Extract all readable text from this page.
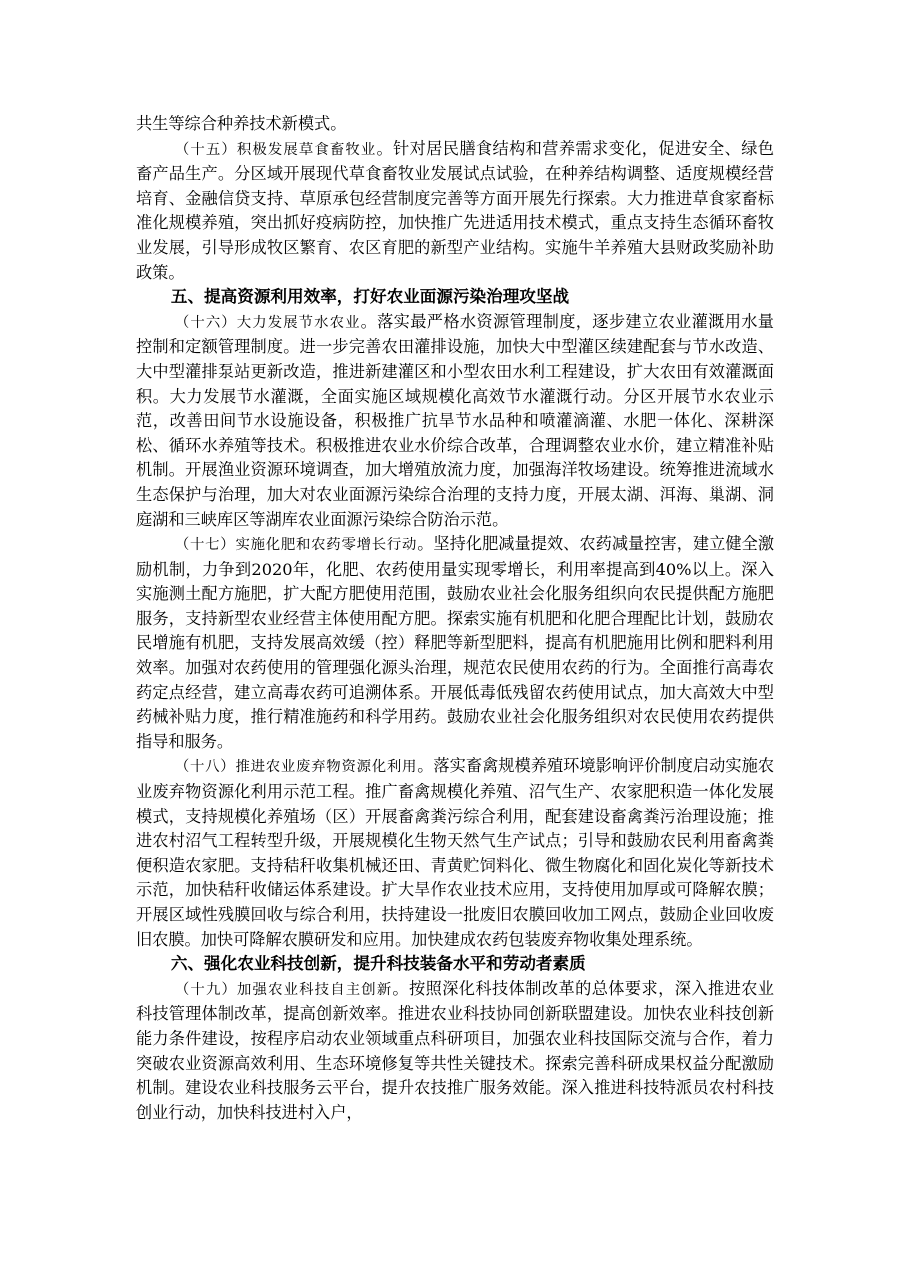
共生等综合种养技术新模式。

（十五）积极发展草食畜牧业。针对居民膳食结构和营养需求变化，促进安全、绿色畜产品生产。分区域开展现代草食畜牧业发展试点试验，在种养结构调整、适度规模经营培育、金融信贷支持、草原承包经营制度完善等方面开展先行探索。大力推进草食家畜标准化规模养殖，突出抓好疫病防控，加快推广先进适用技术模式，重点支持生态循环畜牧业发展，引导形成牧区繁育、农区育肥的新型产业结构。实施牛羊养殖大县财政奖励补助政策。

五、提高资源利用效率，打好农业面源污染治理攻坚战

（十六）大力发展节水农业。落实最严格水资源管理制度，逐步建立农业灌溉用水量控制和定额管理制度。进一步完善农田灌排设施，加快大中型灌区续建配套与节水改造、大中型灌排泵站更新改造，推进新建灌区和小型农田水利工程建设，扩大农田有效灌溉面积。大力发展节水灌溉，全面实施区域规模化高效节水灌溉行动。分区开展节水农业示范，改善田间节水设施设备，积极推广抗旱节水品种和喷灌滴灌、水肥一体化、深耕深松、循环水养殖等技术。积极推进农业水价综合改革，合理调整农业水价，建立精准补贴机制。开展渔业资源环境调查，加大增殖放流力度，加强海洋牧场建设。统筹推进流域水生态保护与治理，加大对农业面源污染综合治理的支持力度，开展太湖、洱海、巢湖、洞庭湖和三峡库区等湖库农业面源污染综合防治示范。

（十七）实施化肥和农药零增长行动。坚持化肥减量提效、农药减量控害，建立健全激励机制，力争到2020年，化肥、农药使用量实现零增长，利用率提高到40%以上。深入实施测土配方施肥，扩大配方肥使用范围，鼓励农业社会化服务组织向农民提供配方施肥服务，支持新型农业经营主体使用配方肥。探索实施有机肥和化肥合理配比计划，鼓励农民增施有机肥，支持发展高效缓（控）释肥等新型肥料，提高有机肥施用比例和肥料利用效率。加强对农药使用的管理强化源头治理，规范农民使用农药的行为。全面推行高毒农药定点经营，建立高毒农药可追溯体系。开展低毒低残留农药使用试点，加大高效大中型药械补贴力度，推行精准施药和科学用药。鼓励农业社会化服务组织对农民使用农药提供指导和服务。

（十八）推进农业废弃物资源化利用。落实畜禽规模养殖环境影响评价制度启动实施农业废弃物资源化利用示范工程。推广畜禽规模化养殖、沼气生产、农家肥积造一体化发展模式，支持规模化养殖场（区）开展畜禽粪污综合利用，配套建设畜禽粪污治理设施；推进农村沼气工程转型升级，开展规模化生物天然气生产试点；引导和鼓励农民利用畜禽粪便积造农家肥。支持秸秆收集机械还田、青黄贮饲料化、微生物腐化和固化炭化等新技术示范，加快秸秆收储运体系建设。扩大旱作农业技术应用，支持使用加厚或可降解农膜；开展区域性残膜回收与综合利用，扶持建设一批废旧农膜回收加工网点，鼓励企业回收废旧农膜。加快可降解农膜研发和应用。加快建成农药包装废弃物收集处理系统。

六、强化农业科技创新，提升科技装备水平和劳动者素质

（十九）加强农业科技自主创新。按照深化科技体制改革的总体要求，深入推进农业科技管理体制改革，提高创新效率。推进农业科技协同创新联盟建设。加快农业科技创新能力条件建设，按程序启动农业领域重点科研项目，加强农业科技国际交流与合作，着力突破农业资源高效利用、生态环境修复等共性关键技术。探索完善科研成果权益分配激励机制。建设农业科技服务云平台，提升农技推广服务效能。深入推进科技特派员农村科技创业行动，加快科技进村入户，
